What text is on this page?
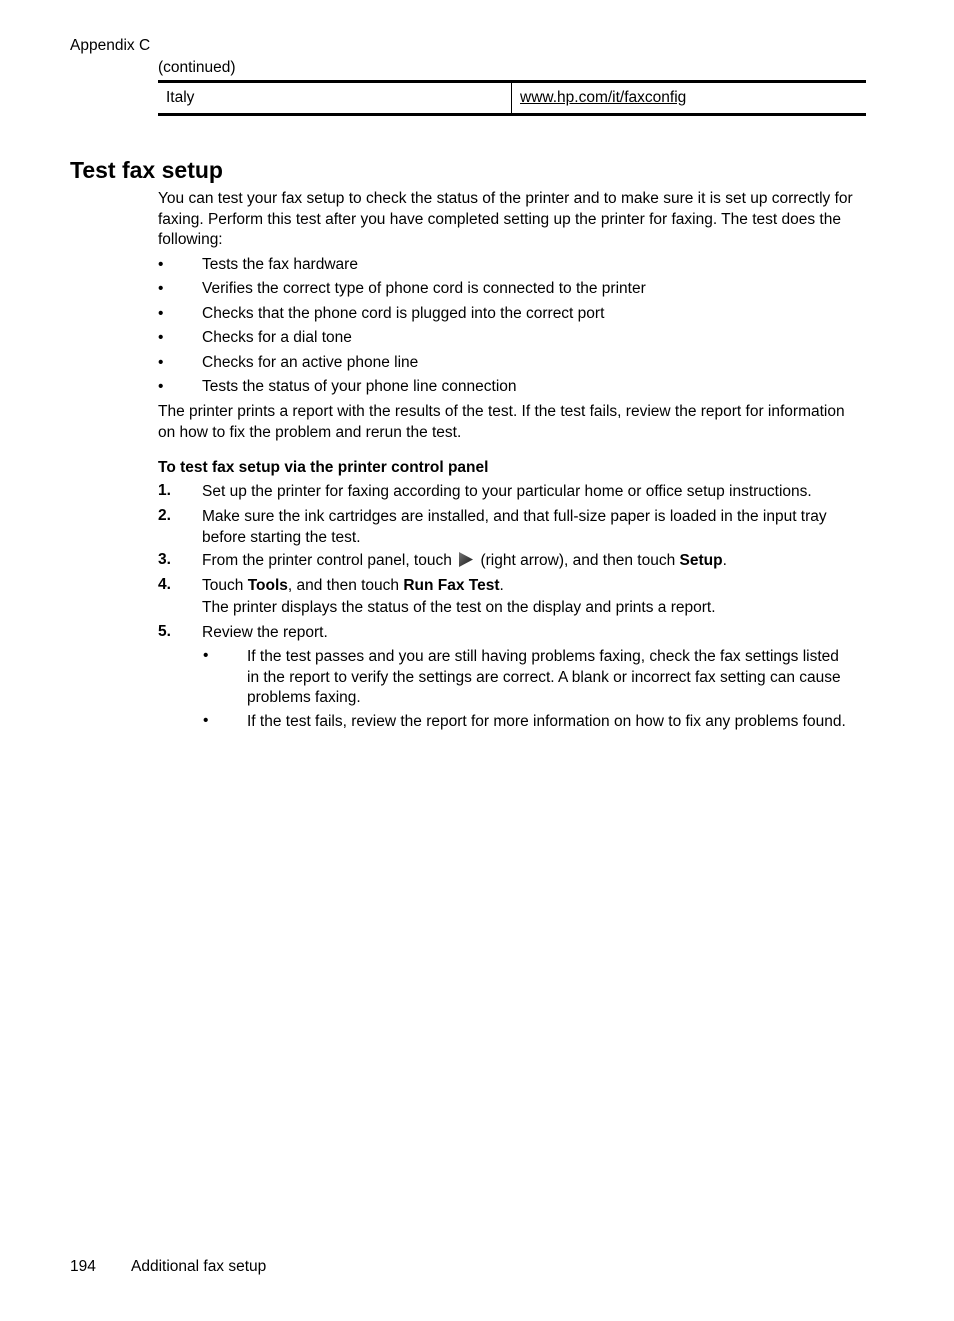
Appendix C
(continued)
Italy	www.hp.com/it/faxconfig
Test fax setup
You can test your fax setup to check the status of the printer and to make sure it is set up correctly for faxing. Perform this test after you have completed setting up the printer for faxing. The test does the following:
• Tests the fax hardware
• Verifies the correct type of phone cord is connected to the printer
• Checks that the phone cord is plugged into the correct port
• Checks for a dial tone
• Checks for an active phone line
• Tests the status of your phone line connection
The printer prints a report with the results of the test. If the test fails, review the report for information on how to fix the problem and rerun the test.
To test fax setup via the printer control panel
1. Set up the printer for faxing according to your particular home or office setup instructions.
2. Make sure the ink cartridges are installed, and that full-size paper is loaded in the input tray before starting the test.
3. From the printer control panel, touch (right arrow), and then touch Setup.
4. Touch Tools, and then touch Run Fax Test.
The printer displays the status of the test on the display and prints a report.
5. Review the report.
• If the test passes and you are still having problems faxing, check the fax settings listed in the report to verify the settings are correct. A blank or incorrect fax setting can cause problems faxing.
• If the test fails, review the report for more information on how to fix any problems found.
194 Additional fax setup
